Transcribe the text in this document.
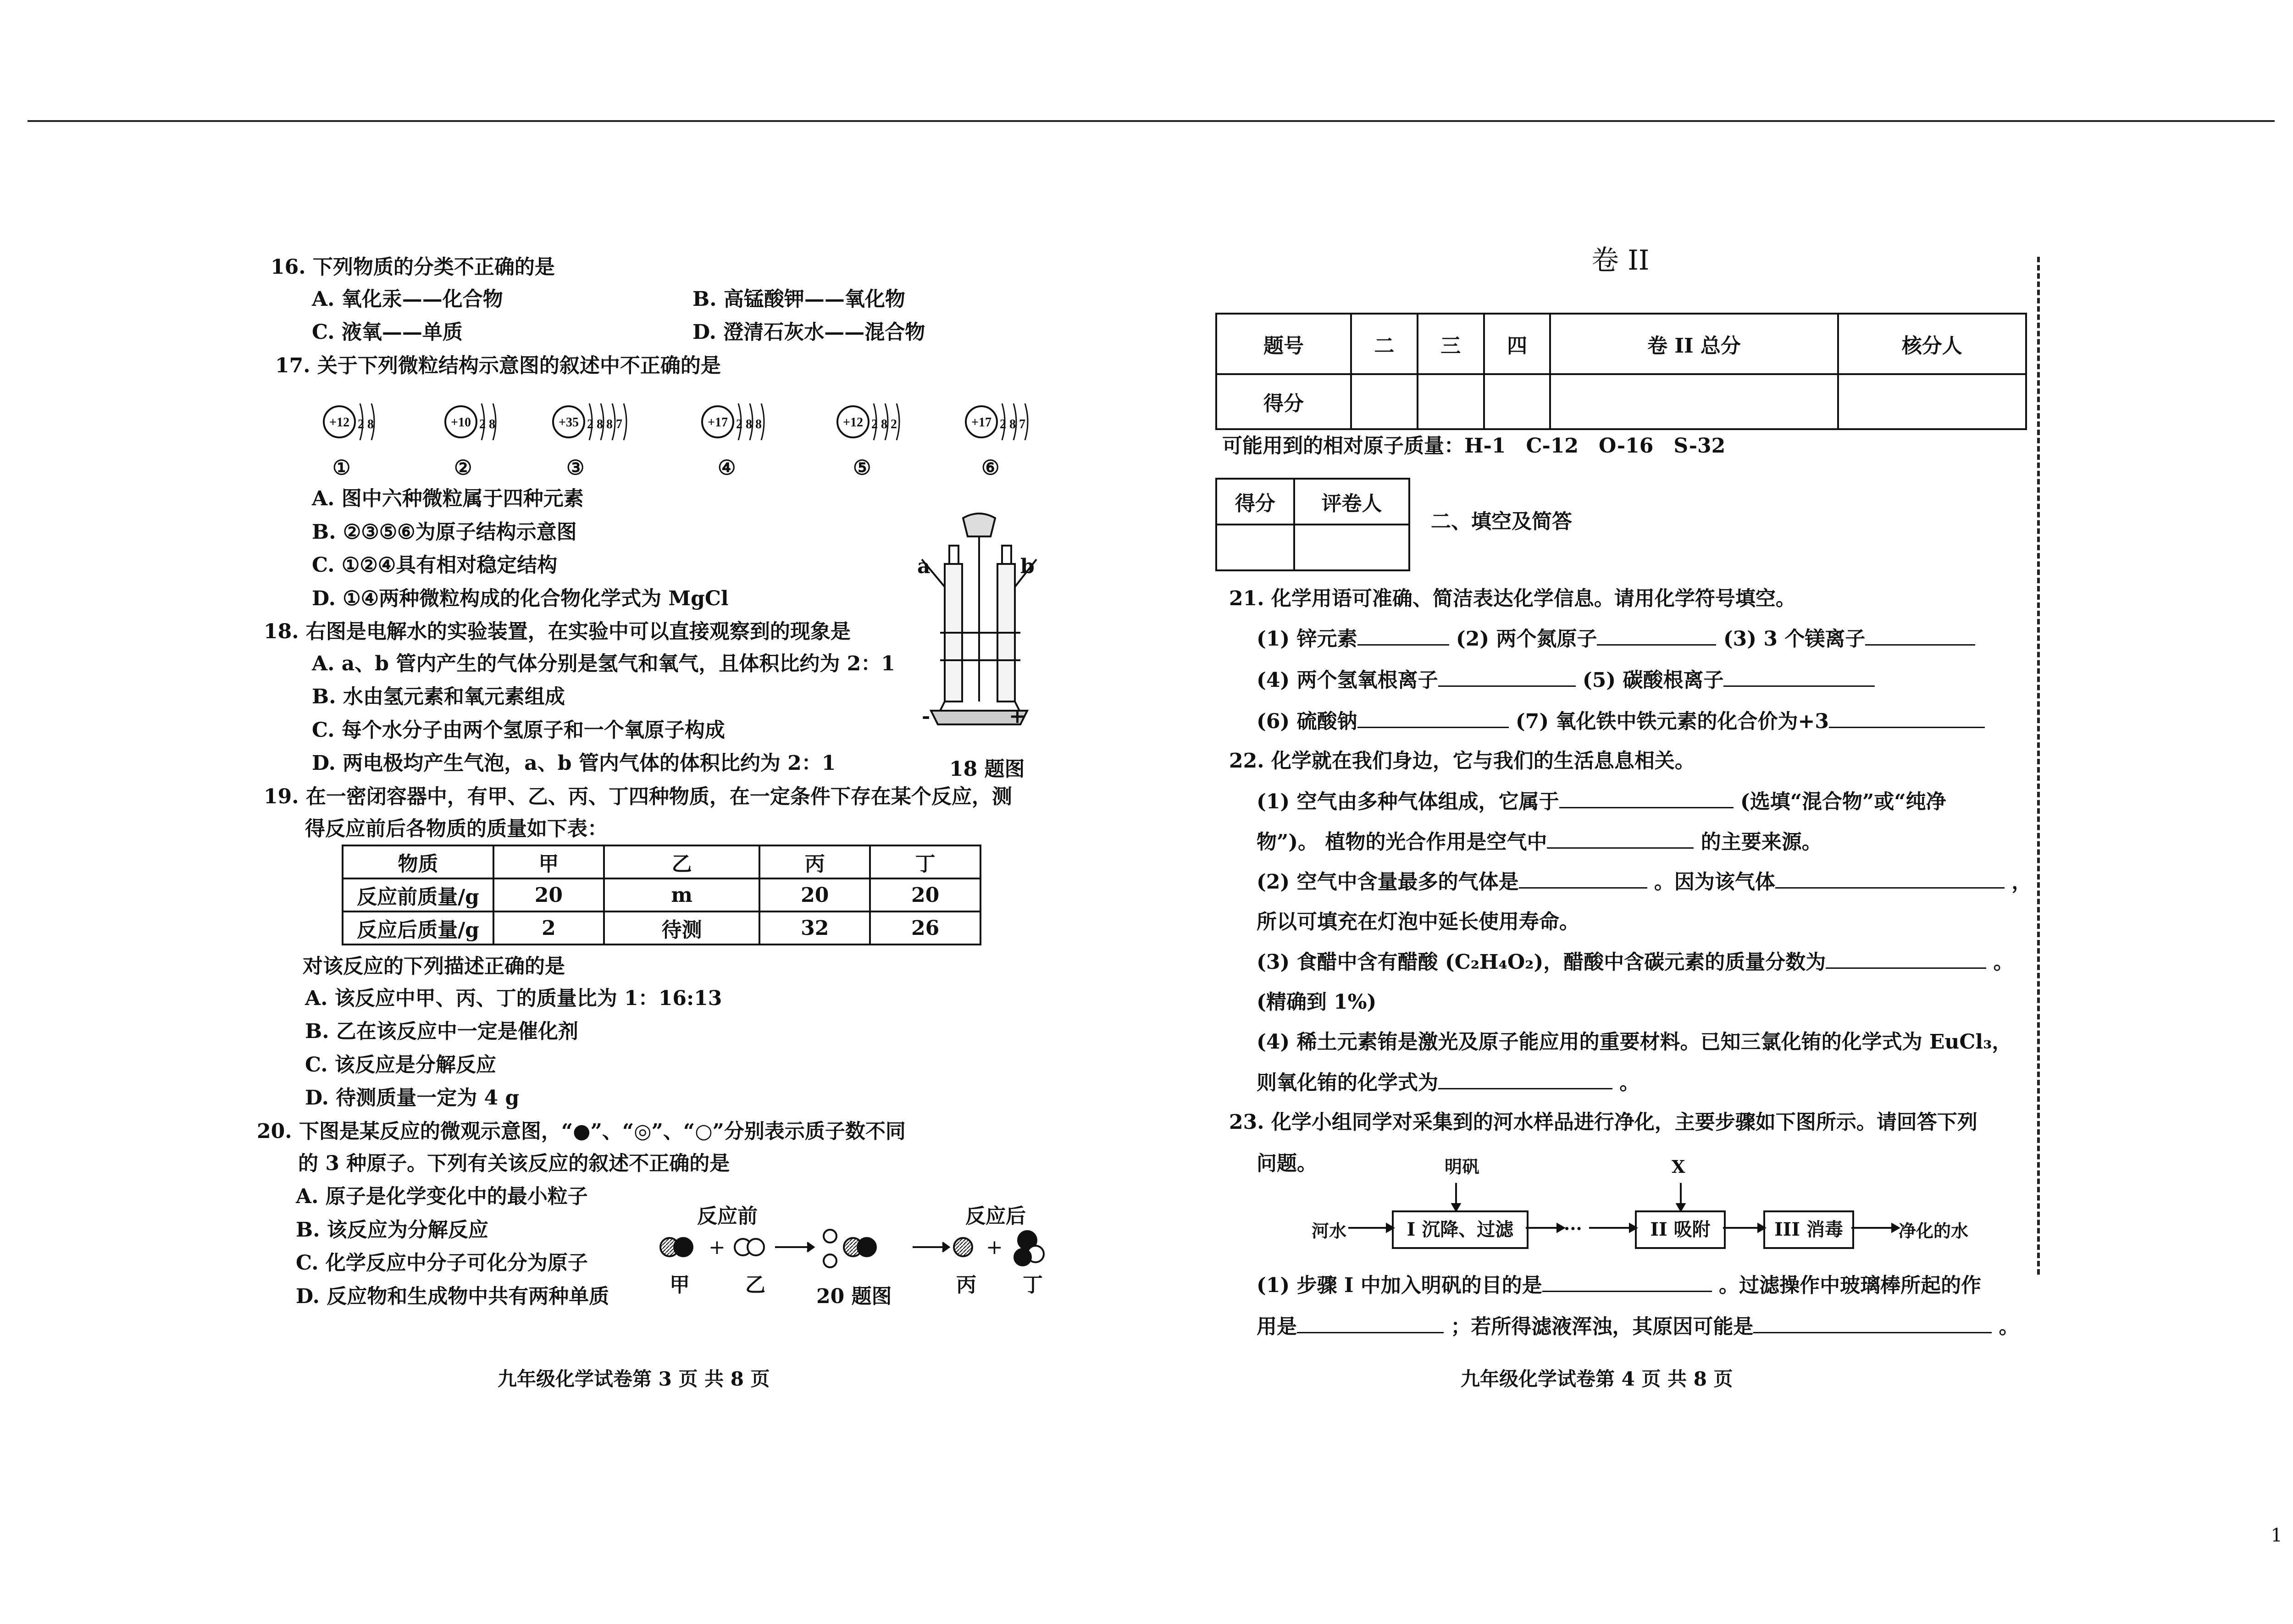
16. 下列物质的分类不正确的是
A. 氧化汞——化合物	B. 高锰酸钾——氧化物
C. 液氧——单质	D. 澄清石灰水——混合物
17. 关于下列微粒结构示意图的叙述中不正确的是
+12 2 8
①
+10 2 8
②
+35 2 8 8 7
③
+17 2 8 8
④
+12 2 8 2
⑤
+17 2 8 7
⑥
A. 图中六种微粒属于四种元素
B. ②③⑤⑥为原子结构示意图
C. ①②④具有相对稳定结构
D. ①④两种微粒构成的化合物化学式为 MgCl
a	b
-	+
18 题图
18. 右图是电解水的实验装置，在实验中可以直接观察到的现象是
A. a、b 管内产生的气体分别是氢气和氧气，且体积比约为 2：1
B. 水由氢元素和氧元素组成
C. 每个水分子由两个氢原子和一个氧原子构成
D. 两电极均产生气泡，a、b 管内气体的体积比约为 2：1
19. 在一密闭容器中，有甲、乙、丙、丁四种物质，在一定条件下存在某个反应，测
得反应前后各物质的质量如下表：
物质	甲	乙	丙	丁
反应前质量/g	20	m	20	20
反应后质量/g	2	待测	32	26
对该反应的下列描述正确的是
A. 该反应中甲、丙、丁的质量比为 1：16:13
B. 乙在该反应中一定是催化剂
C. 该反应是分解反应
D. 待测质量一定为 4 g
20. 下图是某反应的微观示意图，“●”、“◎”、“○”分别表示质子数不同
的 3 种原子。下列有关该反应的叙述不正确的是
A. 原子是化学变化中的最小粒子
B. 该反应为分解反应
C. 化学反应中分子可化分为原子
D. 反应物和生成物中共有两种单质
反应前	反应后
+	+
甲	乙	丙 丁
20 题图
九年级化学试卷第 3 页 共 8 页
卷 II
题号	二	三	四	卷 II 总分	核分人
得分					
可能用到的相对原子质量：H-1　C-12　O-16　S-32
得分	评卷人

二、填空及简答
21. 化学用语可准确、简洁表达化学信息。请用化学符号填空。
(1) 锌元素	(2) 两个氮原子	(3) 3 个镁离子
(4) 两个氢氧根离子	(5) 碳酸根离子
(6) 硫酸钠	(7) 氧化铁中铁元素的化合价为+3
22. 化学就在我们身边，它与我们的生活息息相关。
(1) 空气由多种气体组成，它属于	(选填“混合物”或“纯净
物”)。 植物的光合作用是空气中	的主要来源。
(2) 空气中含量最多的气体是	。因为该气体	，
所以可填充在灯泡中延长使用寿命。
(3) 食醋中含有醋酸 (C₂H₄O₂)，醋酸中含碳元素的质量分数为	。
(精确到 1%)
(4) 稀土元素铕是激光及原子能应用的重要材料。已知三氯化铕的化学式为 EuCl₃，
则氧化铕的化学式为	。
23. 化学小组同学对采集到的河水样品进行净化，主要步骤如下图所示。请回答下列
问题。	明矾	X
河水	I 沉降、过滤	···	II 吸附	III 消毒	净化的水
(1) 步骤 I 中加入明矾的目的是	。过滤操作中玻璃棒所起的作
用是	；若所得滤液浑浊，其原因可能是	。
九年级化学试卷第 4 页 共 8 页
1
